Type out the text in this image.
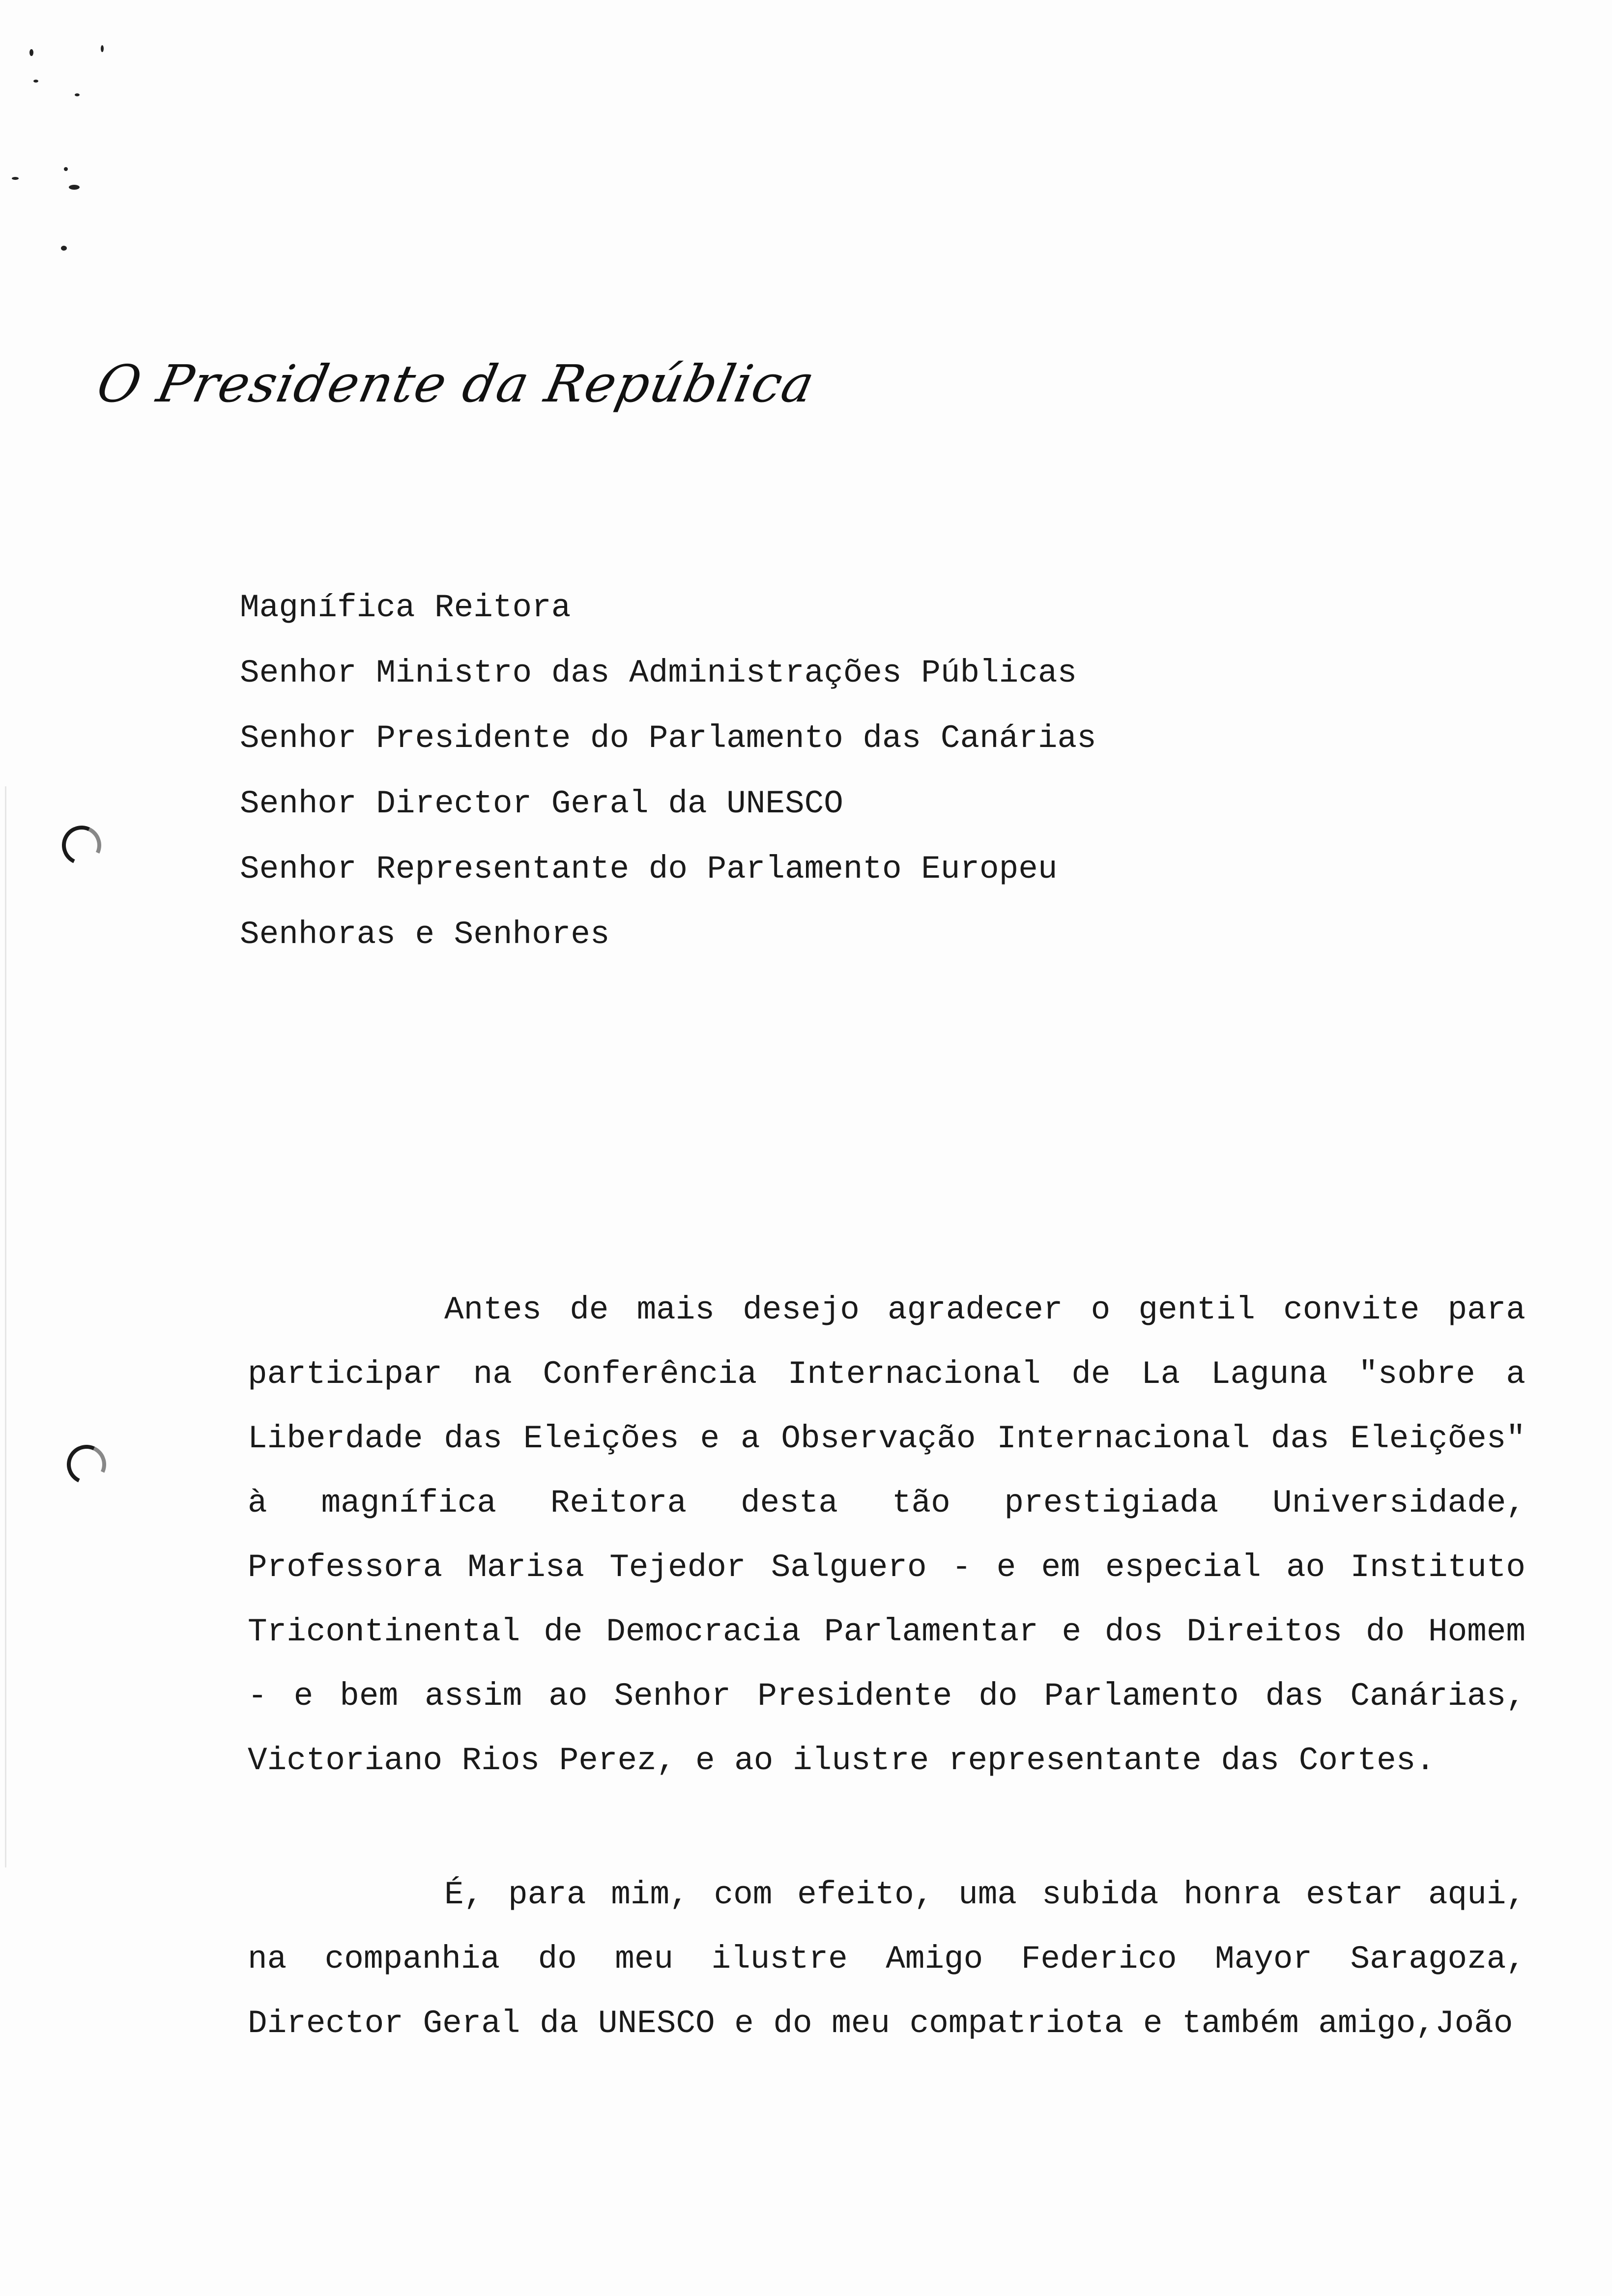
O Presidente da República
Magnífica Reitora
Senhor Ministro das Administrações Públicas
Senhor Presidente do Parlamento das Canárias
Senhor Director Geral da UNESCO
Senhor Representante do Parlamento Europeu
Senhoras e Senhores
Antes de mais desejo agradecer o gentil convite para participar na Conferência Internacional de La Laguna "sobre a Liberdade das Eleições e a Observação Internacional das Eleições" à magnífica Reitora desta tão prestigiada Universidade, Professora Marisa Tejedor Salguero - e em especial ao Instituto Tricontinental de Democracia Parlamentar e dos Direitos do Homem - e bem assim ao Senhor Presidente do Parlamento das Canárias, Victoriano Rios Perez, e ao ilustre representante das Cortes.
É, para mim, com efeito, uma subida honra estar aqui, na companhia do meu ilustre Amigo Federico Mayor Saragoza, Director Geral da UNESCO e do meu compatriota e também amigo,João
